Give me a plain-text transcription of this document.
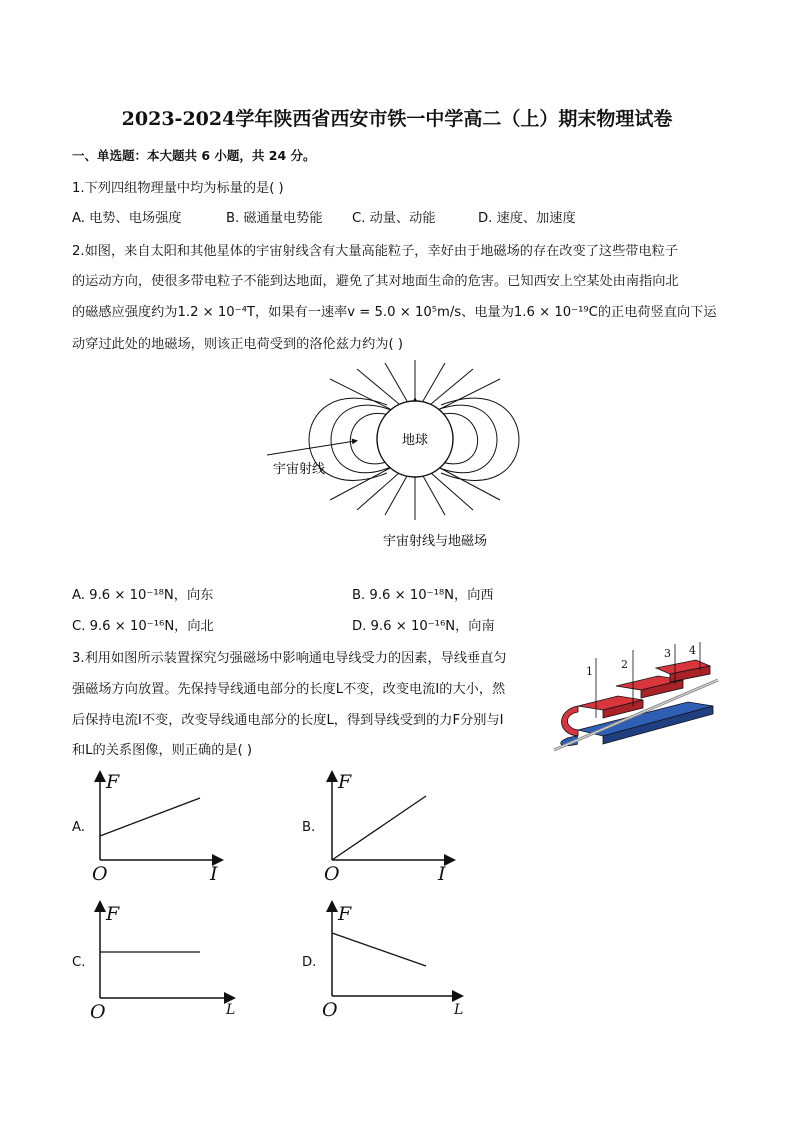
2023-2024学年陕西省西安市铁一中学高二（上）期末物理试卷
一、单选题：本大题共 6 小题，共 24 分。
1.下列四组物理量中均为标量的是( )
A. 电势、电场强度	B. 磁通量电势能 C. 动量、动能	D. 速度、加速度
2.如图，来自太阳和其他星体的宇宙射线含有大量高能粒子，幸好由于地磁场的存在改变了这些带电粒子
的运动方向，使很多带电粒子不能到达地面，避免了其对地面生命的危害。已知西安上空某处由南指向北
的磁感应强度约为1.2 × 10⁻⁴T，如果有一速率v = 5.0 × 10⁵m/s、电量为1.6 × 10⁻¹⁹C的正电荷竖直向下运
动穿过此处的地磁场，则该正电荷受到的洛伦兹力约为( )
地球
宇宙射线
宇宙射线与地磁场
A. 9.6 × 10⁻¹⁸N，向东	B. 9.6 × 10⁻¹⁸N，向西
C. 9.6 × 10⁻¹⁶N，向北	D. 9.6 × 10⁻¹⁶N，向南
3.利用如图所示装置探究匀强磁场中影响通电导线受力的因素，导线垂直匀
强磁场方向放置。先保持导线通电部分的长度L不变，改变电流I的大小，然
后保持电流I不变，改变导线通电部分的长度L，得到导线受到的力F分别与I
和L的关系图像，则正确的是( )
1
2
3 4
A.
F
O	I
B.
F
O	I
C.
F
O	L
D.
F
O	L
